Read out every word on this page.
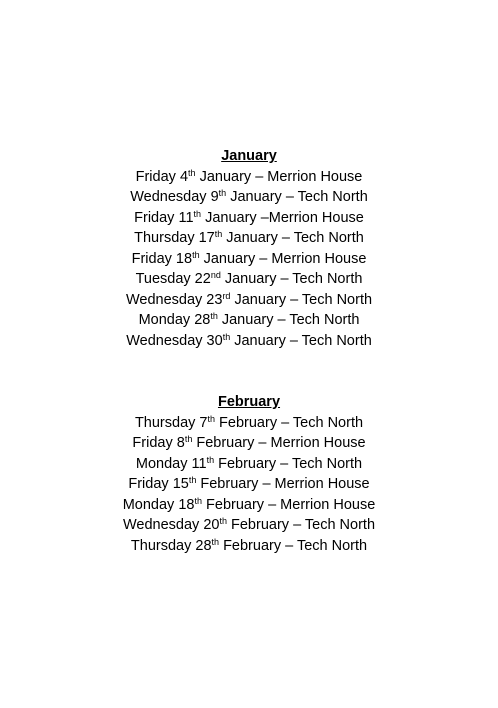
January
Friday 4th January – Merrion House
Wednesday 9th January – Tech North
Friday 11th January –Merrion House
Thursday 17th January – Tech North
Friday 18th January – Merrion House
Tuesday 22nd January – Tech North
Wednesday 23rd January – Tech North
Monday 28th January – Tech North
Wednesday 30th January – Tech North
February
Thursday 7th February – Tech North
Friday 8th February – Merrion House
Monday 11th February – Tech North
Friday 15th February – Merrion House
Monday 18th February – Merrion House
Wednesday 20th February – Tech North
Thursday 28th February – Tech North
